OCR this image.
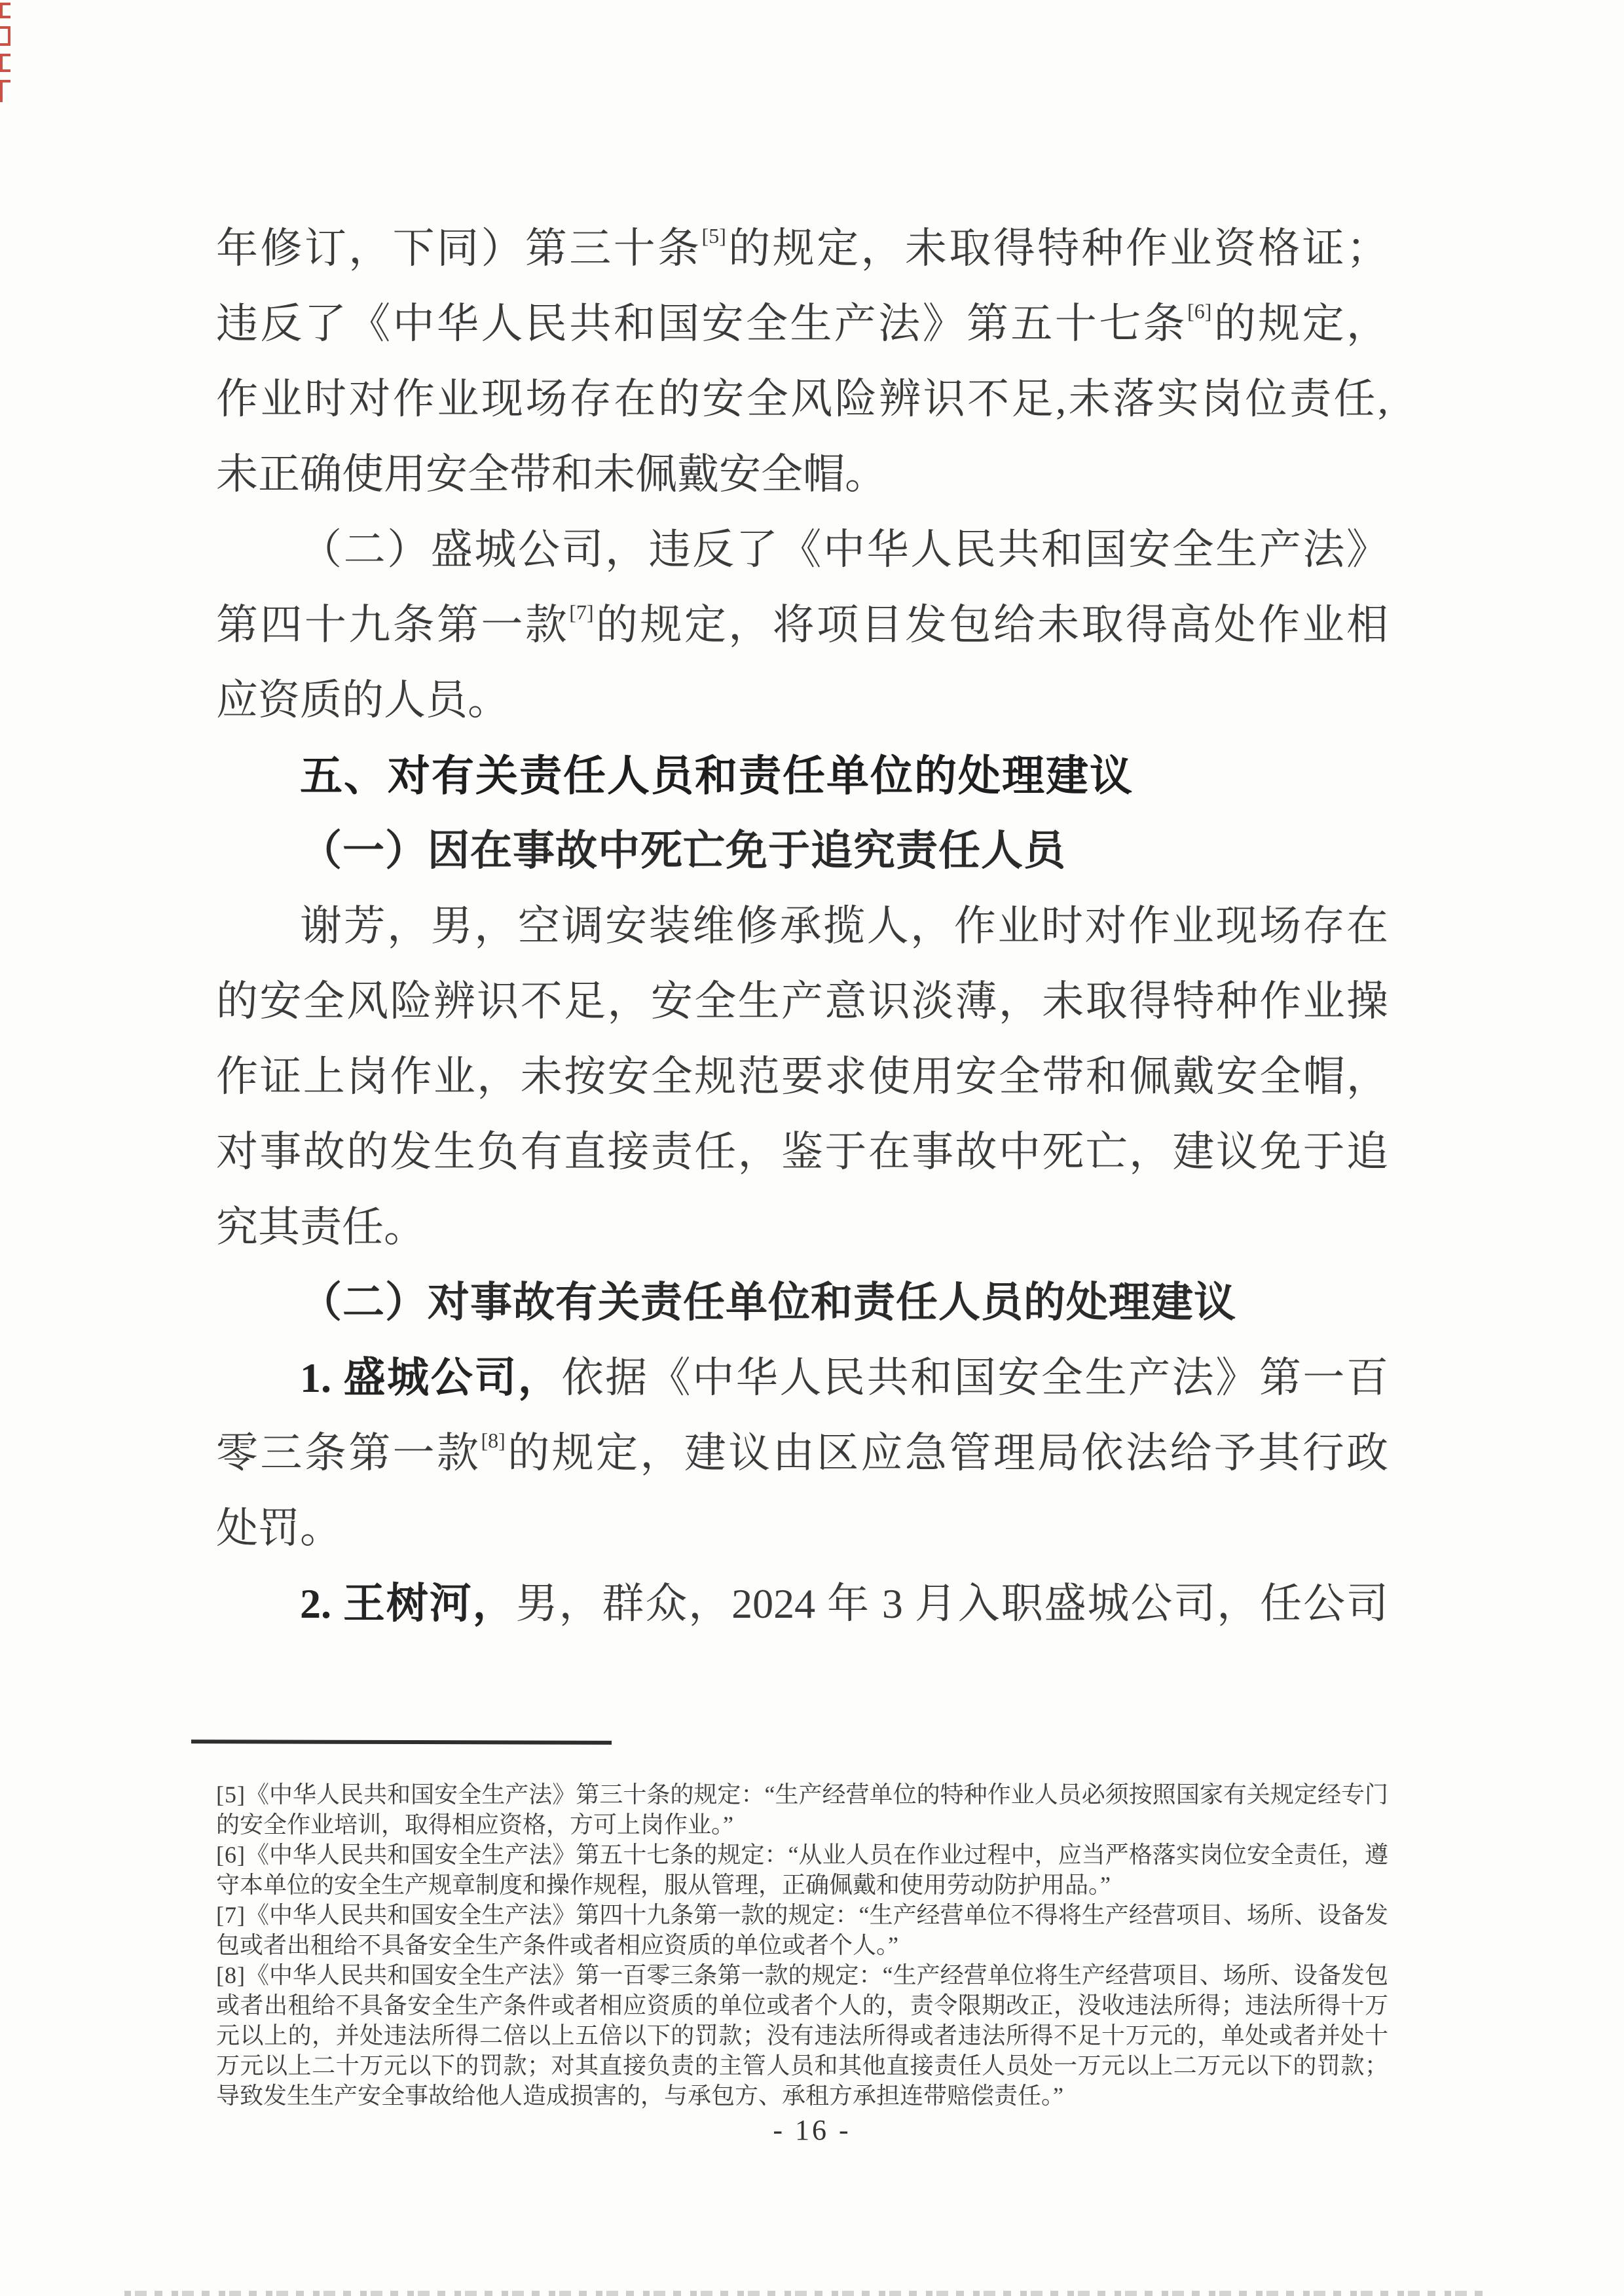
年修订，下同）第三十条[5]的规定，未取得特种作业资格证；
违反了《中华人民共和国安全生产法》第五十七条[6]的规定，
作业时对作业现场存在的安全风险辨识不足,未落实岗位责任,
未正确使用安全带和未佩戴安全帽。
（二）盛城公司，违反了《中华人民共和国安全生产法》
第四十九条第一款[7]的规定，将项目发包给未取得高处作业相
应资质的人员。
五、对有关责任人员和责任单位的处理建议
（一）因在事故中死亡免于追究责任人员
谢芳，男，空调安装维修承揽人，作业时对作业现场存在
的安全风险辨识不足，安全生产意识淡薄，未取得特种作业操
作证上岗作业，未按安全规范要求使用安全带和佩戴安全帽，
对事故的发生负有直接责任，鉴于在事故中死亡，建议免于追
究其责任。
（二）对事故有关责任单位和责任人员的处理建议
1. 盛城公司，依据《中华人民共和国安全生产法》第一百
零三条第一款[8]的规定，建议由区应急管理局依法给予其行政
处罚。
2. 王树河，男，群众，2024 年 3 月入职盛城公司，任公司

[5]《中华人民共和国安全生产法》第三十条的规定：“生产经营单位的特种作业人员必须按照国家有关规定经专门的安全作业培训，取得相应资格，方可上岗作业。”

[6]《中华人民共和国安全生产法》第五十七条的规定：“从业人员在作业过程中，应当严格落实岗位安全责任，遵守本单位的安全生产规章制度和操作规程，服从管理，正确佩戴和使用劳动防护用品。”

[7]《中华人民共和国安全生产法》第四十九条第一款的规定：“生产经营单位不得将生产经营项目、场所、设备发包或者出租给不具备安全生产条件或者相应资质的单位或者个人。”

[8]《中华人民共和国安全生产法》第一百零三条第一款的规定：“生产经营单位将生产经营项目、场所、设备发包或者出租给不具备安全生产条件或者相应资质的单位或者个人的，责令限期改正，没收违法所得；违法所得十万元以上的，并处违法所得二倍以上五倍以下的罚款；没有违法所得或者违法所得不足十万元的，单处或者并处十万元以上二十万元以下的罚款；对其直接负责的主管人员和其他直接责任人员处一万元以上二万元以下的罚款；导致发生生产安全事故给他人造成损害的，与承包方、承租方承担连带赔偿责任。”

- 16 -
